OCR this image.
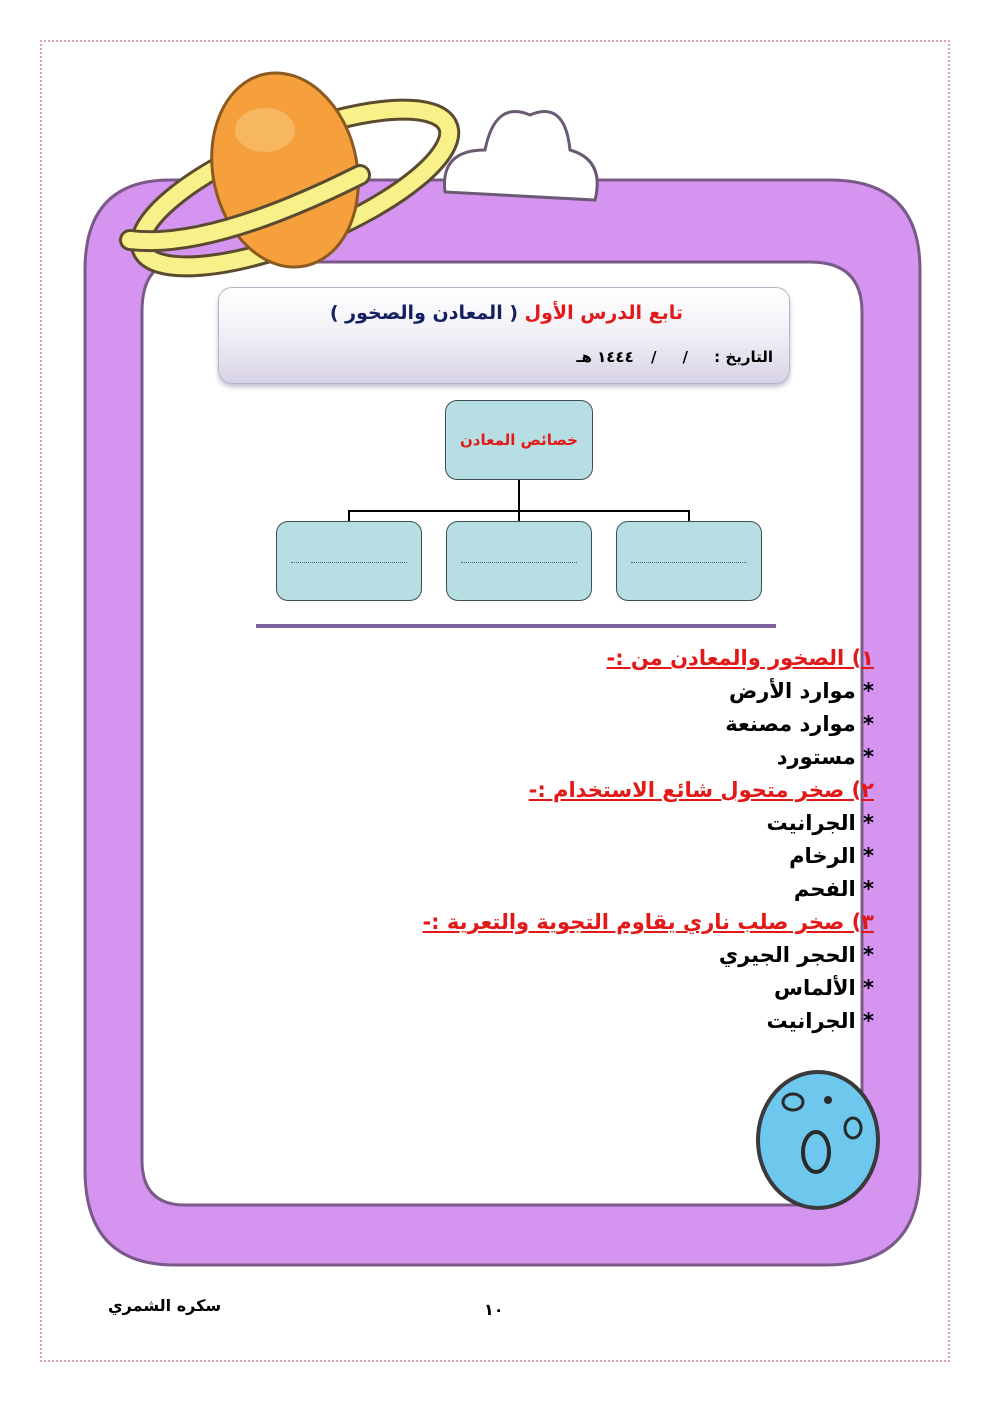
تابع الدرس الأول ( المعادن والصخور )
التاريخ :     /     / ١٤٤٤ هـ
خصائص المعادن
١) الصخور والمعادن من :-
* موارد الأرض
* موارد مصنعة
* مستورد
٢) صخر متحول شائع الاستخدام :-
* الجرانيت
* الرخام
* الفحم
٣) صخر صلب ناري يقاوم التجوية والتعرية :-
* الحجر الجيري
* الألماس
* الجرانيت
سكره الشمري	١٠
